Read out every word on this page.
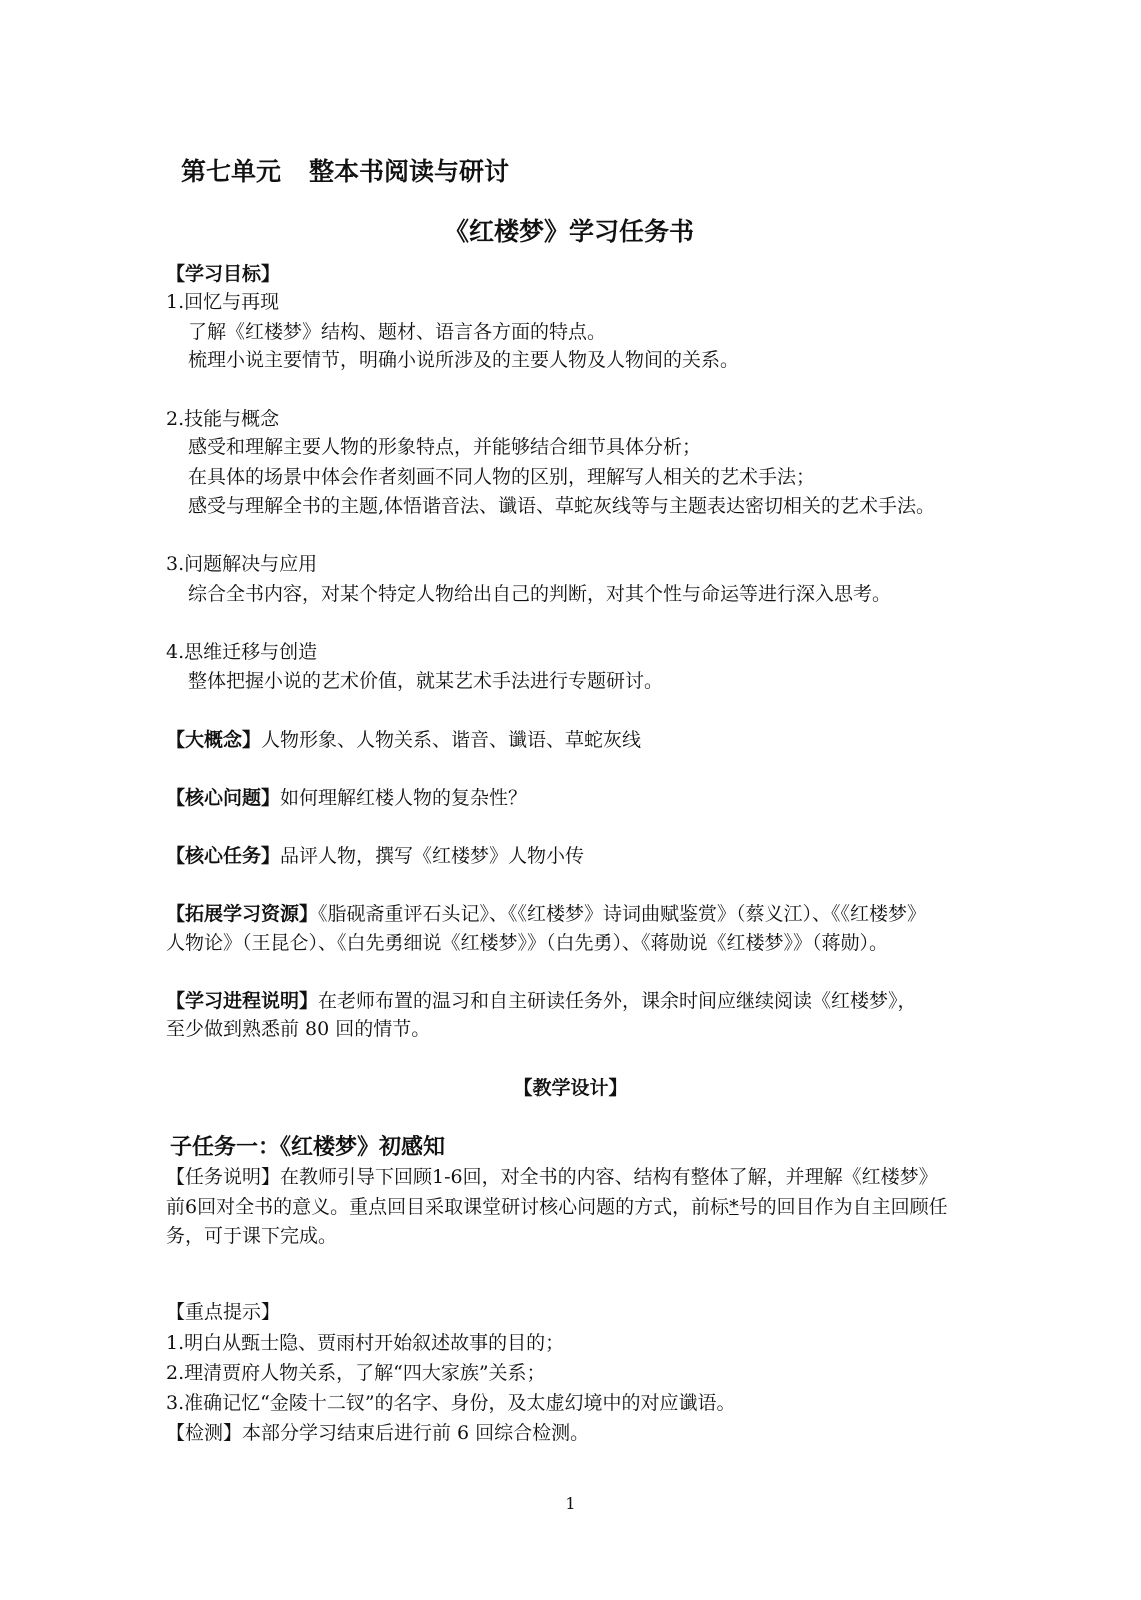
第七单元 整本书阅读与研讨
《红楼梦》学习任务书
【学习目标】
1.回忆与再现
了解《红楼梦》结构、题材、语言各方面的特点。
梳理小说主要情节，明确小说所涉及的主要人物及人物间的关系。
2.技能与概念
感受和理解主要人物的形象特点，并能够结合细节具体分析；
在具体的场景中体会作者刻画不同人物的区别，理解写人相关的艺术手法；
感受与理解全书的主题,体悟谐音法、谶语、草蛇灰线等与主题表达密切相关的艺术手法。
3.问题解决与应用
综合全书内容，对某个特定人物给出自己的判断，对其个性与命运等进行深入思考。
4.思维迁移与创造
整体把握小说的艺术价值，就某艺术手法进行专题研讨。
【大概念】人物形象、人物关系、谐音、谶语、草蛇灰线
【核心问题】如何理解红楼人物的复杂性？
【核心任务】品评人物，撰写《红楼梦》人物小传
【拓展学习资源】《脂砚斋重评石头记》、《《红楼梦》诗词曲赋鉴赏》（蔡义江）、《《红楼梦》
人物论》（王昆仑）、《白先勇细说《红楼梦》》（白先勇）、《蒋勋说《红楼梦》》（蒋勋）。
【学习进程说明】在老师布置的温习和自主研读任务外，课余时间应继续阅读《红楼梦》，
至少做到熟悉前 80 回的情节。
【教学设计】
子任务一：《红楼梦》初感知
【任务说明】在教师引导下回顾1-6回，对全书的内容、结构有整体了解，并理解《红楼梦》
前6回对全书的意义。重点回目采取课堂研讨核心问题的方式，前标*号的回目作为自主回顾任
务，可于课下完成。
【重点提示】
1.明白从甄士隐、贾雨村开始叙述故事的目的；
2.理清贾府人物关系，了解“四大家族”关系；
3.准确记忆“金陵十二钗”的名字、身份，及太虚幻境中的对应谶语。
【检测】本部分学习结束后进行前 6 回综合检测。
1
